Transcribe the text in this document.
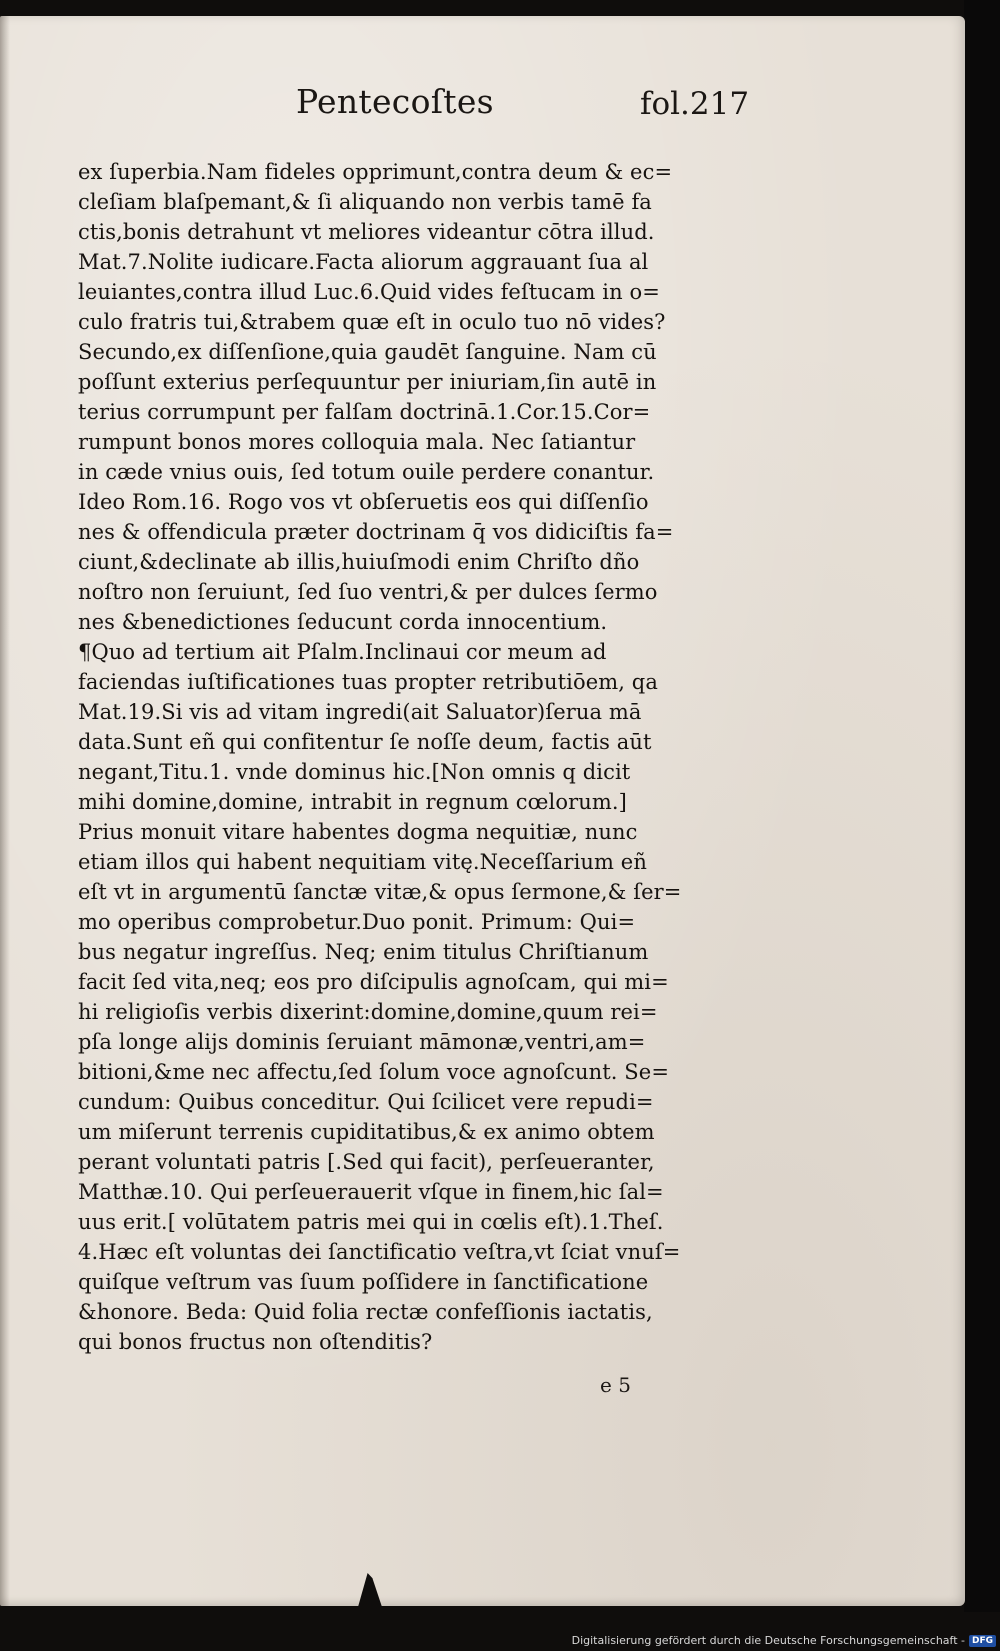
Pentecoſtes	fol.217
ex ſuperbia.Nam fideles opprimunt,contra deum & ec=
cleſiam blaſpemant,& ſi aliquando non verbis tamē fa
ctis,bonis detrahunt vt meliores videantur cōtra illud.
Mat.7.Nolite iudicare.Facta aliorum aggrauant ſua al
leuiantes,contra illud Luc.6.Quid vides feſtucam in o=
culo fratris tui,&trabem quæ eſt in oculo tuo nō vides?
Secundo,ex diſſenſione,quia gaudēt ſanguine. Nam cū
poſſunt exterius perſequuntur per iniuriam,ſin autē in
terius corrumpunt per falſam doctrinā.1.Cor.15.Cor=
rumpunt bonos mores colloquia mala. Nec ſatiantur
in cæde vnius ouis, ſed totum ouile perdere conantur.
Ideo Rom.16. Rogo vos vt obſeruetis eos qui diſſenſio
nes & offendicula præter doctrinam q̄ vos didiciſtis fa=
ciunt,&declinate ab illis,huiuſmodi enim Chriſto dño
noſtro non ſeruiunt, ſed ſuo ventri,& per dulces ſermo
nes &benedictiones ſeducunt corda innocentium.
¶Quo ad tertium ait Pſalm.Inclinaui cor meum ad
faciendas iuſtificationes tuas propter retributiōem, qa
Mat.19.Si vis ad vitam ingredi(ait Saluator)ſerua mā
data.Sunt eñ qui confitentur ſe noſſe deum, factis aūt
negant,Titu.1. vnde dominus hic.[Non omnis q dicit
mihi domine,domine, intrabit in regnum cœlorum.]
Prius monuit vitare habentes dogma nequitiæ, nunc
etiam illos qui habent nequitiam vitę.Neceſſarium eñ
eſt vt in argumentū ſanctæ vitæ,& opus ſermone,& ſer=
mo operibus comprobetur.Duo ponit. Primum: Qui=
bus negatur ingreſſus. Neq; enim titulus Chriſtianum
facit ſed vita,neq; eos pro diſcipulis agnoſcam, qui mi=
hi religioſis verbis dixerint:domine,domine,quum rei=
pſa longe alijs dominis ſeruiant māmonæ,ventri,am=
bitioni,&me nec affectu,ſed ſolum voce agnoſcunt. Se=
cundum: Quibus conceditur. Qui ſcilicet vere repudi=
um miſerunt terrenis cupiditatibus,& ex animo obtem
perant voluntati patris [.Sed qui facit), perſeueranter,
Matthæ.10. Qui perſeuerauerit vſque in finem,hic ſal=
uus erit.[ volūtatem patris mei qui in cœlis eſt).1.Theſ.
4.Hæc eſt voluntas dei ſanctificatio veſtra,vt ſciat vnuſ=
quiſque veſtrum vas ſuum poſſidere in ſanctificatione
&honore. Beda: Quid folia rectæ confeſſionis iactatis,
qui bonos fructus non oſtenditis?
e 5
Digitalisierung gefördert durch die Deutsche Forschungsgemeinschaft - DFG
